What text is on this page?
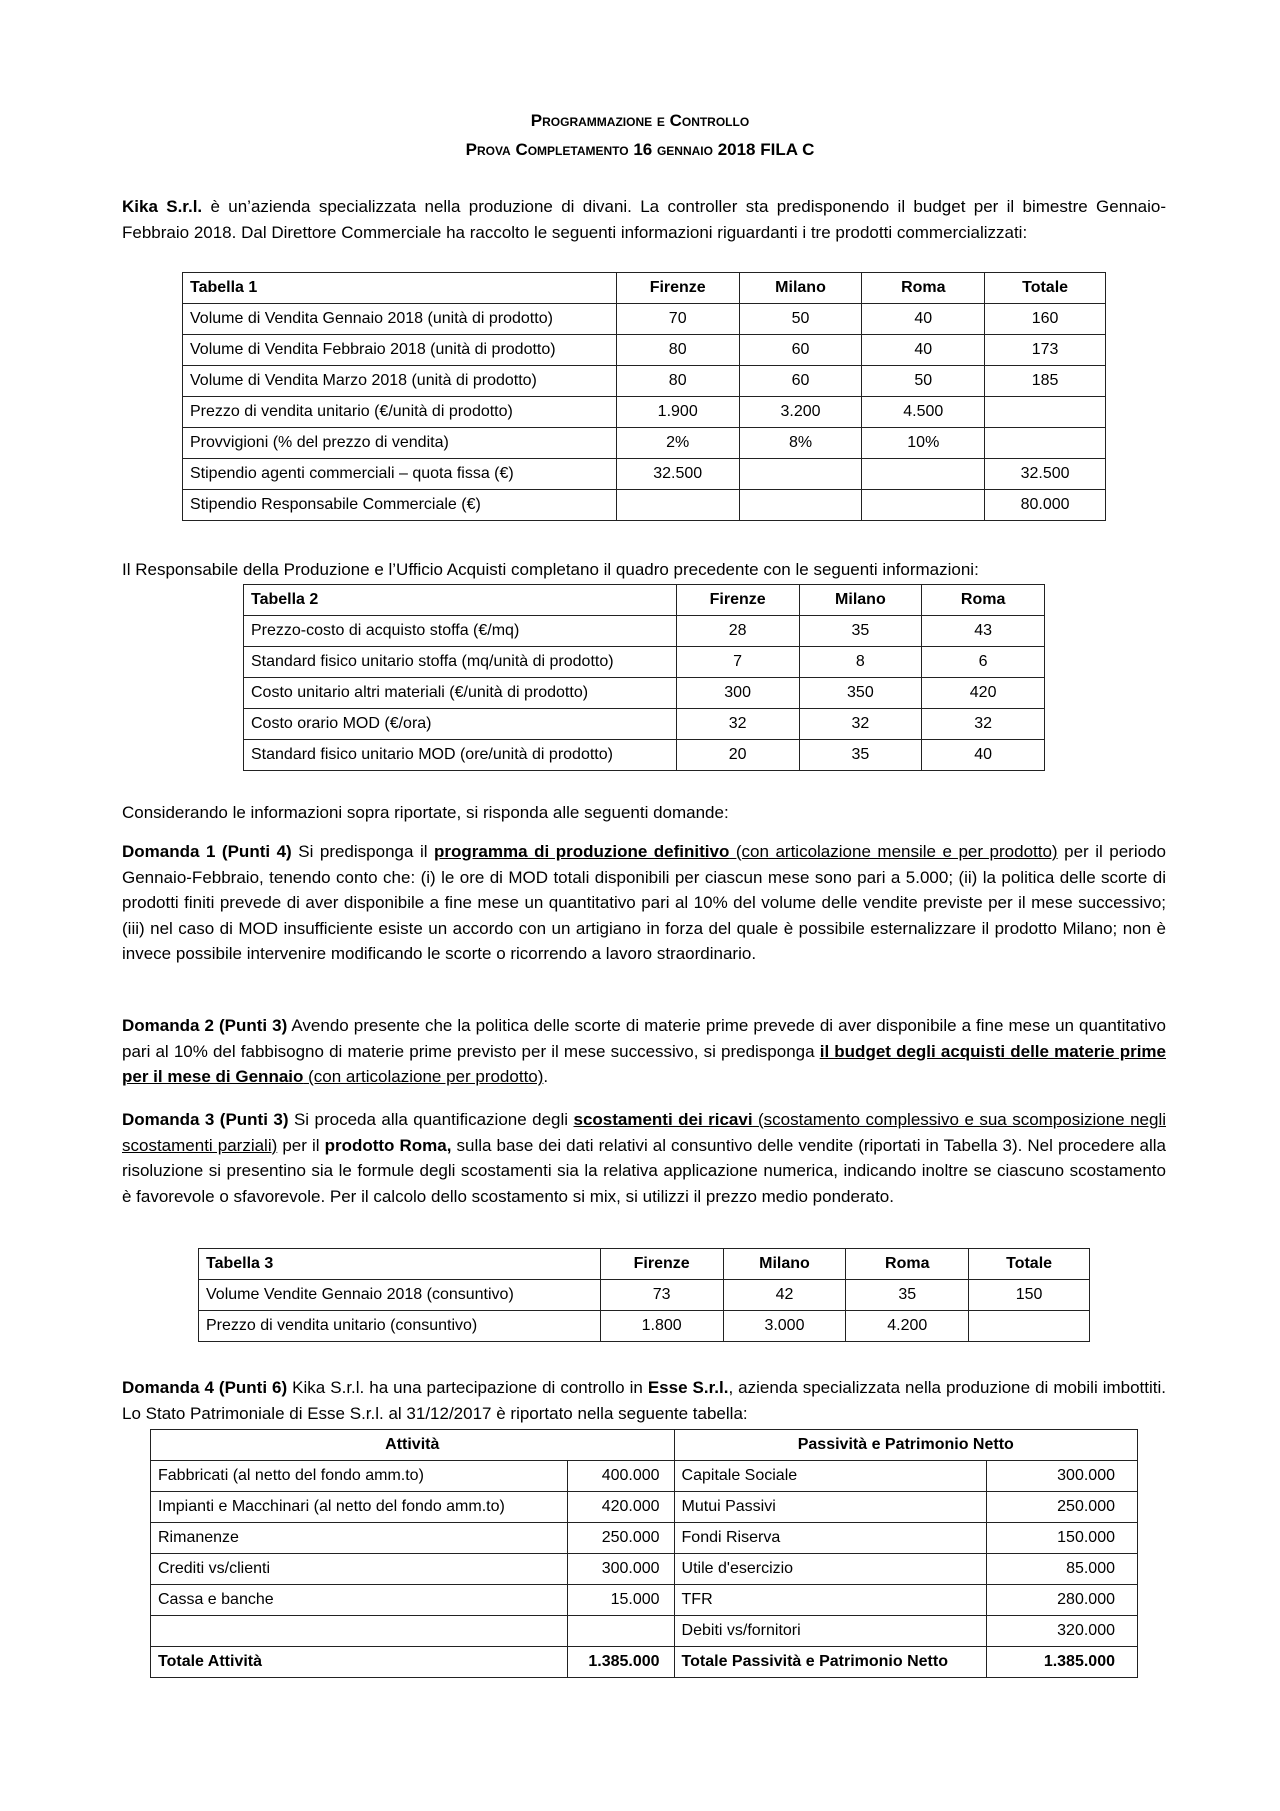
Programmazione e Controllo
Prova Completamento 16 gennaio 2018 FILA C
Kika S.r.l. è un’azienda specializzata nella produzione di divani. La controller sta predisponendo il budget per il bimestre Gennaio-Febbraio 2018. Dal Direttore Commerciale ha raccolto le seguenti informazioni riguardanti i tre prodotti commercializzati:
Tabella 1	Firenze	Milano	Roma	Totale
Volume di Vendita Gennaio 2018 (unità di prodotto)	70	50	40	160
Volume di Vendita Febbraio 2018 (unità di prodotto)	80	60	40	173
Volume di Vendita Marzo 2018 (unità di prodotto)	80	60	50	185
Prezzo di vendita unitario (€/unità di prodotto)	1.900	3.200	4.500	
Provvigioni (% del prezzo di vendita)	2%	8%	10%	
Stipendio agenti commerciali – quota fissa (€)	32.500			32.500
Stipendio Responsabile Commerciale (€)				80.000
Il Responsabile della Produzione e l’Ufficio Acquisti completano il quadro precedente con le seguenti informazioni:
Tabella 2	Firenze	Milano	Roma
Prezzo-costo di acquisto stoffa (€/mq)	28	35	43
Standard fisico unitario stoffa (mq/unità di prodotto)	7	8	6
Costo unitario altri materiali (€/unità di prodotto)	300	350	420
Costo orario MOD (€/ora)	32	32	32
Standard fisico unitario MOD (ore/unità di prodotto)	20	35	40
Considerando le informazioni sopra riportate, si risponda alle seguenti domande:
Domanda 1 (Punti 4) Si predisponga il programma di produzione definitivo (con articolazione mensile e per prodotto) per il periodo Gennaio-Febbraio, tenendo conto che: (i) le ore di MOD totali disponibili per ciascun mese sono pari a 5.000; (ii) la politica delle scorte di prodotti finiti prevede di aver disponibile a fine mese un quantitativo pari al 10% del volume delle vendite previste per il mese successivo; (iii) nel caso di MOD insufficiente esiste un accordo con un artigiano in forza del quale è possibile esternalizzare il prodotto Milano; non è invece possibile intervenire modificando le scorte o ricorrendo a lavoro straordinario.
Domanda 2 (Punti 3) Avendo presente che la politica delle scorte di materie prime prevede di aver disponibile a fine mese un quantitativo pari al 10% del fabbisogno di materie prime previsto per il mese successivo, si predisponga il budget degli acquisti delle materie prime per il mese di Gennaio (con articolazione per prodotto).
Domanda 3 (Punti 3) Si proceda alla quantificazione degli scostamenti dei ricavi (scostamento complessivo e sua scomposizione negli scostamenti parziali) per il prodotto Roma, sulla base dei dati relativi al consuntivo delle vendite (riportati in Tabella 3). Nel procedere alla risoluzione si presentino sia le formule degli scostamenti sia la relativa applicazione numerica, indicando inoltre se ciascuno scostamento è favorevole o sfavorevole. Per il calcolo dello scostamento si mix, si utilizzi il prezzo medio ponderato.
Tabella 3	Firenze	Milano	Roma	Totale
Volume Vendite Gennaio 2018 (consuntivo)	73	42	35	150
Prezzo di vendita unitario (consuntivo)	1.800	3.000	4.200	
Domanda 4 (Punti 6) Kika S.r.l. ha una partecipazione di controllo in Esse S.r.l., azienda specializzata nella produzione di mobili imbottiti. Lo Stato Patrimoniale di Esse S.r.l. al 31/12/2017 è riportato nella seguente tabella:
Attività		Passività e Patrimonio Netto	
Fabbricati (al netto del fondo amm.to)	400.000	Capitale Sociale	300.000
Impianti e Macchinari (al netto del fondo amm.to)	420.000	Mutui Passivi	250.000
Rimanenze	250.000	Fondi Riserva	150.000
Crediti vs/clienti	300.000	Utile d'esercizio	85.000
Cassa e banche	15.000	TFR	280.000
		Debiti vs/fornitori	320.000
Totale Attività	1.385.000	Totale Passività e Patrimonio Netto	1.385.000
